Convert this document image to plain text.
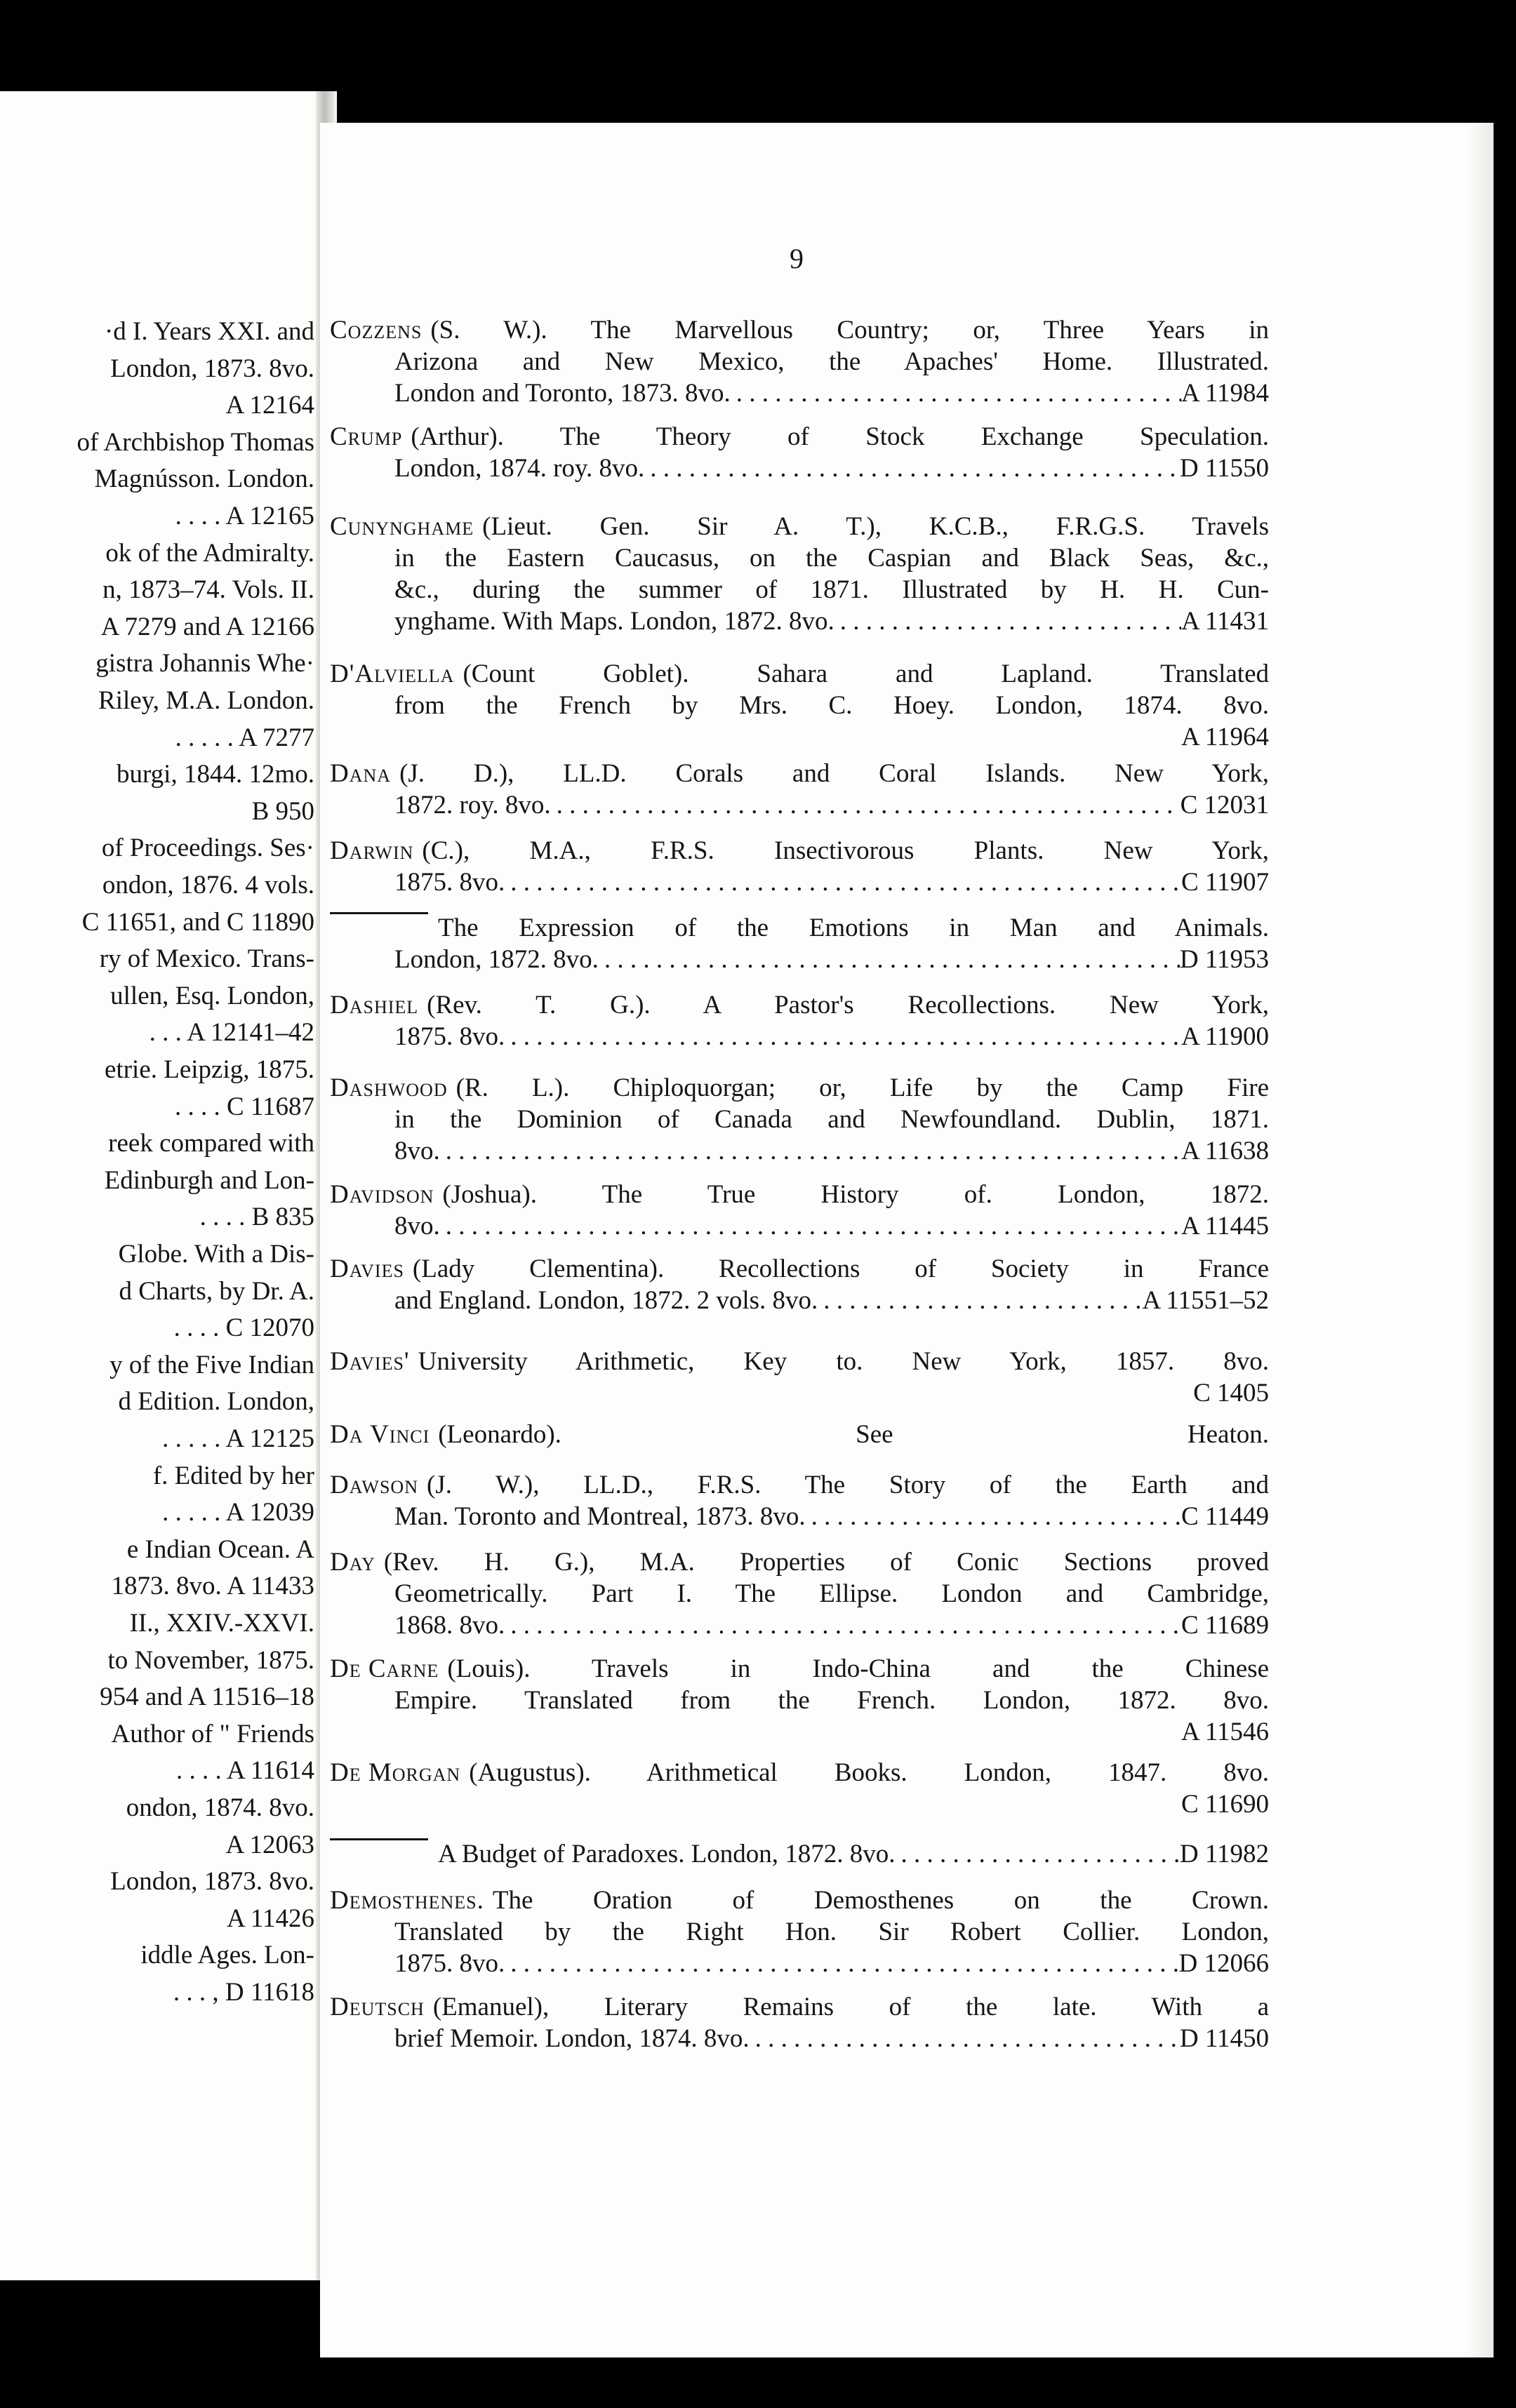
9
·d I. Years XXI. and
London, 1873. 8vo.
A 12164
of Archbishop Thomas
Magnússon. London.
. . . . A 12165
ok of the Admiralty.
n, 1873–74. Vols. II.
A 7279 and A 12166
gistra Johannis Whe·
Riley, M.A. London.
. . . . . A 7277
burgi, 1844. 12mo.
B 950
of Proceedings. Ses·
ondon, 1876. 4 vols.
C 11651, and C 11890
ry of Mexico. Trans-
ullen, Esq. London,
. . . A 12141–42
etrie. Leipzig, 1875.
. . . . C 11687
reek compared with
Edinburgh and Lon-
. . . . B 835
Globe. With a Dis-
d Charts, by Dr. A.
. . . . C 12070
y of the Five Indian
d Edition. London,
. . . . . A 12125
f. Edited by her
. . . . . A 12039
e Indian Ocean. A
1873. 8vo. A 11433
II., XXIV.-XXVI.
to November, 1875.
954 and A 11516–18
Author of " Friends
. . . . A 11614
ondon, 1874. 8vo.
A 12063
London, 1873. 8vo.
A 11426
iddle Ages. Lon-
. . . , D 11618
Cozzens (S. W.). The Marvellous Country; or, Three Years in
Arizona and New Mexico, the Apaches' Home. Illustrated.
London and Toronto, 1873. 8vo. . . .	A 11984
Crump (Arthur). The Theory of Stock Exchange Speculation.
London, 1874. roy. 8vo. . . .	D 11550
Cunynghame (Lieut. Gen. Sir A. T.), K.C.B., F.R.G.S. Travels
in the Eastern Caucasus, on the Caspian and Black Seas, &c.,
&c., during the summer of 1871. Illustrated by H. H. Cun-
ynghame. With Maps. London, 1872. 8vo. . . .	A 11431
D'Alviella (Count Goblet). Sahara and Lapland. Translated
from the French by Mrs. C. Hoey. London, 1874. 8vo.
A 11964
Dana (J. D.), LL.D. Corals and Coral Islands. New York,
1872. roy. 8vo. . . .	C 12031
Darwin (C.), M.A., F.R.S. Insectivorous Plants. New York,
1875. 8vo. . . .	C 11907
The Expression of the Emotions in Man and Animals.
London, 1872. 8vo. . . .	D 11953
Dashiel (Rev. T. G.). A Pastor's Recollections. New York,
1875. 8vo. . . .	A 11900
Dashwood (R. L.). Chiploquorgan; or, Life by the Camp Fire
in the Dominion of Canada and Newfoundland. Dublin, 1871.
8vo. . . .	A 11638
Davidson (Joshua). The True History of. London, 1872.
8vo. . . .	A 11445
Davies (Lady Clementina). Recollections of Society in France
and England. London, 1872. 2 vols. 8vo. . . .	A 11551–52
Davies' University Arithmetic, Key to. New York, 1857. 8vo.
C 1405
Da Vinci (Leonardo). See Heaton.
Dawson (J. W.), LL.D., F.R.S. The Story of the Earth and
Man. Toronto and Montreal, 1873. 8vo. . . .	C 11449
Day (Rev. H. G.), M.A. Properties of Conic Sections proved
Geometrically. Part I. The Ellipse. London and Cambridge,
1868. 8vo. . . .	C 11689
De Carne (Louis). Travels in Indo-China and the Chinese
Empire. Translated from the French. London, 1872. 8vo.
A 11546
De Morgan (Augustus). Arithmetical Books. London, 1847. 8vo.
C 11690
A Budget of Paradoxes. London, 1872. 8vo. . . .	D 11982
Demosthenes. The Oration of Demosthenes on the Crown.
Translated by the Right Hon. Sir Robert Collier. London,
1875. 8vo. . . .	D 12066
Deutsch (Emanuel), Literary Remains of the late. With a
brief Memoir. London, 1874. 8vo. . . .	D 11450
